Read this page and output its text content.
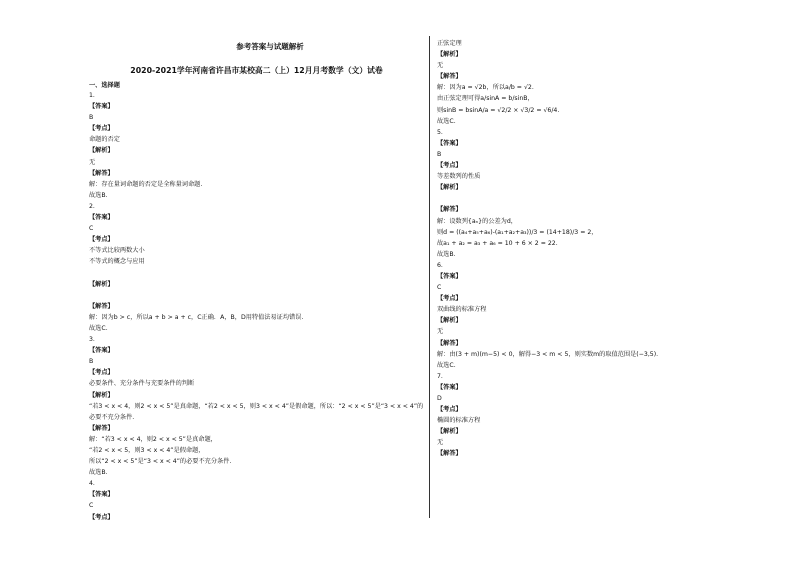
参考答案与试题解析
2020-2021学年河南省许昌市某校高二（上）12月月考数学（文）试卷
一、选择题
1.
【答案】
B
【考点】
命题的否定
【解析】
无
【解答】
解：存在量词命题的否定是全称量词命题.
故选B.
2.
【答案】
C
【考点】
不等式比较两数大小
不等式的概念与应用
【解析】
【解答】
解：因为b > c，所以a + b > a + c，C正确．A，B，D用特值法易证均错误.
故选C.
3.
【答案】
B
【考点】
必要条件、充分条件与充要条件的判断
【解析】
“若3 < x < 4，则2 < x < 5”是真命题，“若2 < x < 5，则3 < x < 4”是假命题，所以：“2 < x < 5”是“3 < x < 4”的
必要不充分条件.
【解答】
解：“若3 < x < 4，则2 < x < 5”是真命题，
“若2 < x < 5，则3 < x < 4”是假命题，
所以“2 < x < 5”是“3 < x < 4”的必要不充分条件.
故选B.
4.
【答案】
C
【考点】
正弦定理
【解析】
无
【解答】
解：因为a = √2b，所以a/b = √2.
由正弦定理可得a/sinA = b/sinB，
则sinB = bsinA/a = √2/2 × √3/2 = √6/4.
故选C.
5.
【答案】
B
【考点】
等差数列的性质
【解析】
【解答】
解：设数列{aₙ}的公差为d，
则d = ((a₄+a₅+a₆)-(a₁+a₂+a₃))/3 = (14+18)/3 = 2，
故a₁ + a₂ = a₃ + a₆ = 10 + 6 × 2 = 22.
故选B.
6.
【答案】
C
【考点】
双曲线的标准方程
【解析】
无
【解答】
解：由(3 + m)(m−5) < 0，解得−3 < m < 5，则实数m的取值范围是(−3,5).
故选C.
7.
【答案】
D
【考点】
椭圆的标准方程
【解析】
无
【解答】
